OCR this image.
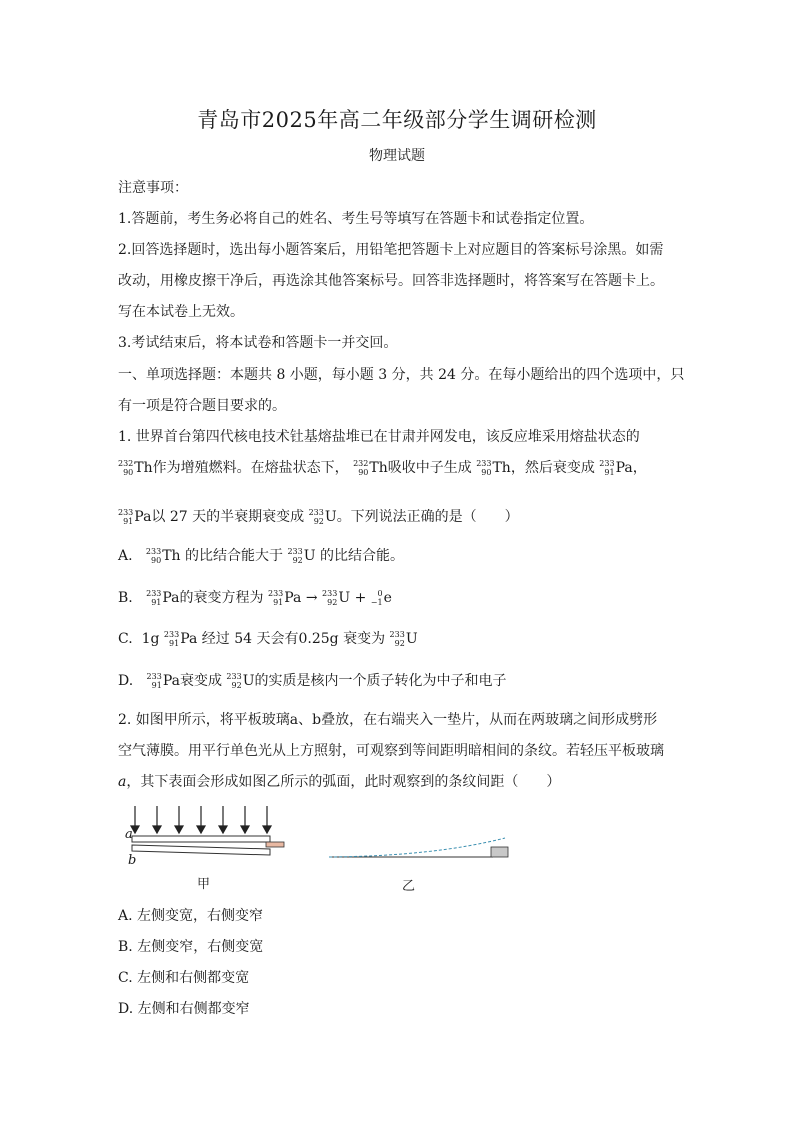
青岛市2025年高二年级部分学生调研检测
物理试题
注意事项：
1.答题前，考生务必将自己的姓名、考生号等填写在答题卡和试卷指定位置。
2.回答选择题时，选出每小题答案后，用铅笔把答题卡上对应题目的答案标号涂黑。如需
改动，用橡皮擦干净后，再选涂其他答案标号。回答非选择题时，将答案写在答题卡上。
写在本试卷上无效。
3.考试结束后，将本试卷和答题卡一并交回。
一、单项选择题：本题共 8 小题，每小题 3 分，共 24 分。在每小题给出的四个选项中，只
有一项是符合题目要求的。
1. 世界首台第四代核电技术钍基熔盐堆已在甘肃并网发电，该反应堆采用熔盐状态的
232
90 Th作为增殖燃料。在熔盐状态下， 232
90 Th吸收中子生成 233
90 Th，然后衰变成 233
91 Pa，
233
91 Pa以 27 天的半衰期衰变成 233
92 U。下列说法正确的是（　　）
A. 233
90 Th 的比结合能大于 233
92 U 的比结合能。
B. 233
91 Pa的衰变方程为 233
91 Pa → 233
92 U +	0
−1 e
C. 1g 233
91 Pa 经过 54 天会有0.25g 衰变为 233
92 U
D. 233
91 Pa衰变成 233
92 U的实质是核内一个质子转化为中子和电子
2. 如图甲所示，将平板玻璃a、b叠放，在右端夹入一垫片，从而在两玻璃之间形成劈形
空气薄膜。用平行单色光从上方照射，可观察到等间距明暗相间的条纹。若轻压平板玻璃
a，其下表面会形成如图乙所示的弧面，此时观察到的条纹间距（　　）
a
b
甲	乙
A. 左侧变宽，右侧变窄
B. 左侧变窄，右侧变宽
C. 左侧和右侧都变宽
D. 左侧和右侧都变窄
